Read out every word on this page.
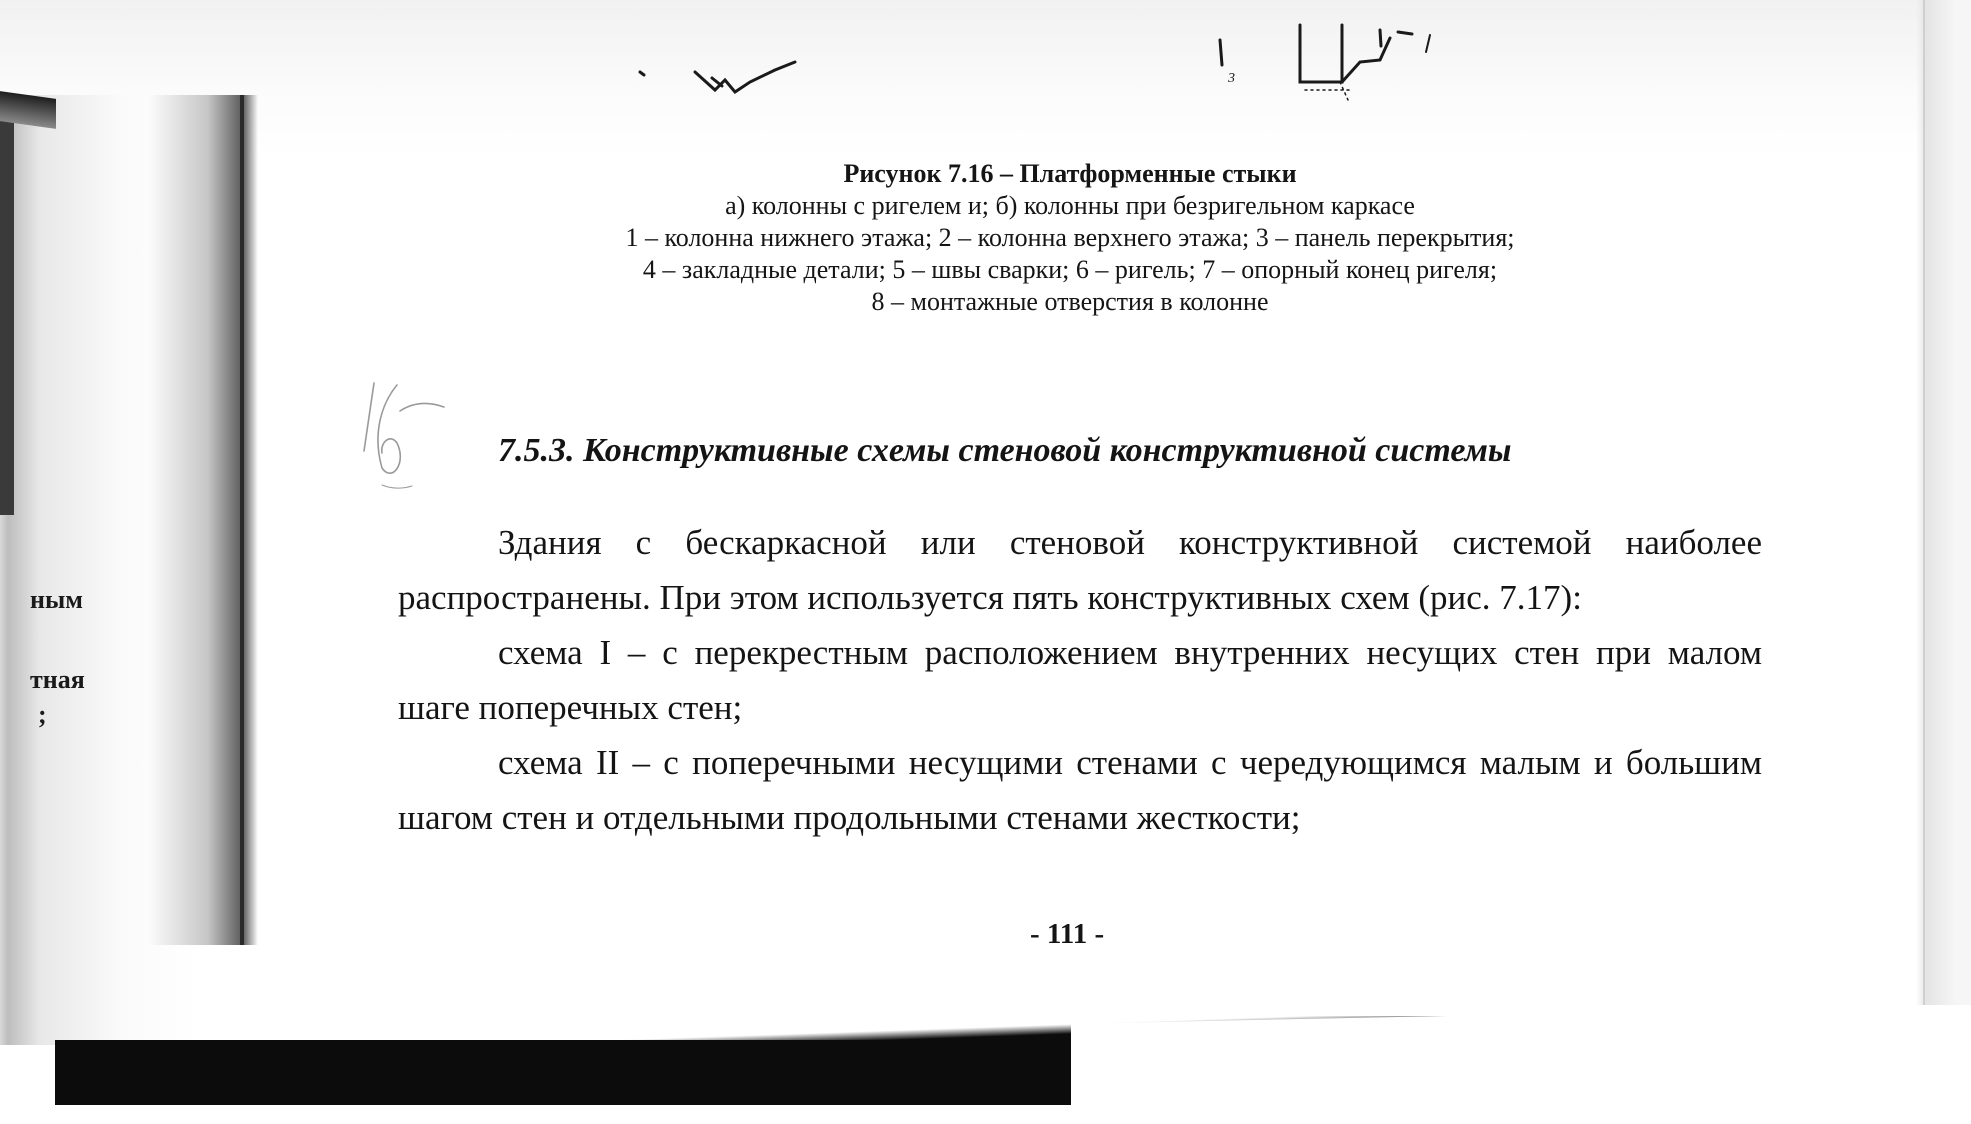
ным
тная
;
3
Рисунок 7.16 – Платформенные стыки
а) колонны с ригелем и; б) колонны при безригельном каркасе
1 – колонна нижнего этажа; 2 – колонна верхнего этажа; 3 – панель перекрытия;
4 – закладные детали; 5 – швы сварки; 6 – ригель; 7 – опорный конец ригеля;
8 – монтажные отверстия в колонне
7.5.3. Конструктивные схемы стеновой конструктивной системы

Здания с бескаркасной или стеновой конструктивной системой наиболее распространены. При этом используется пять конструктивных схем (рис. 7.17):

схема I – с перекрестным расположением внутренних несущих стен при малом шаге поперечных стен;

схема II – с поперечными несущими стенами с чередующимся малым и большим шагом стен и отдельными продольными стенами жесткости;

- 111 -
